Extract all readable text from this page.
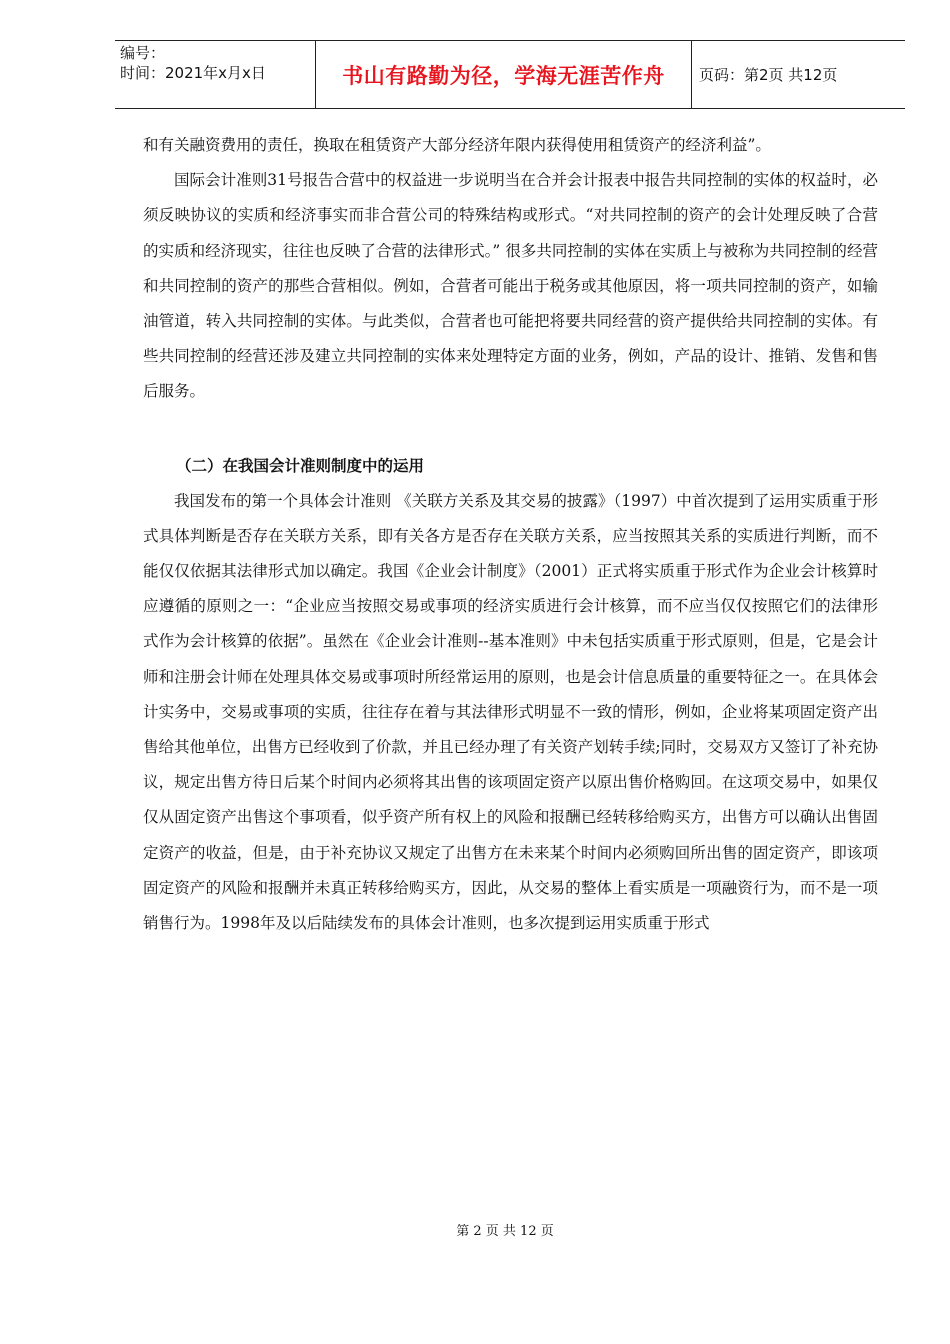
编号：
时间：2021年x月x日	书山有路勤为径，学海无涯苦作舟 页码：第2页 共12页

和有关融资费用的责任，换取在租赁资产大部分经济年限内获得使用租赁资产的经济利益”。

国际会计准则31号报告合营中的权益进一步说明当在合并会计报表中报告共同控制的实体的权益时，必须反映协议的实质和经济事实而非合营公司的特殊结构或形式。“对共同控制的资产的会计处理反映了合营的实质和经济现实，往往也反映了合营的法律形式。” 很多共同控制的实体在实质上与被称为共同控制的经营和共同控制的资产的那些合营相似。例如，合营者可能出于税务或其他原因，将一项共同控制的资产，如输油管道，转入共同控制的实体。与此类似，合营者也可能把将要共同经营的资产提供给共同控制的实体。有些共同控制的经营还涉及建立共同控制的实体来处理特定方面的业务，例如，产品的设计、推销、发售和售后服务。

（二）在我国会计准则制度中的运用

我国发布的第一个具体会计准则 《关联方关系及其交易的披露》（1997）中首次提到了运用实质重于形式具体判断是否存在关联方关系，即有关各方是否存在关联方关系，应当按照其关系的实质进行判断，而不能仅仅依据其法律形式加以确定。我国《企业会计制度》（2001）正式将实质重于形式作为企业会计核算时应遵循的原则之一：“企业应当按照交易或事项的经济实质进行会计核算，而不应当仅仅按照它们的法律形式作为会计核算的依据”。虽然在《企业会计准则--基本准则》中未包括实质重于形式原则，但是，它是会计师和注册会计师在处理具体交易或事项时所经常运用的原则，也是会计信息质量的重要特征之一。在具体会计实务中，交易或事项的实质，往往存在着与其法律形式明显不一致的情形，例如，企业将某项固定资产出售给其他单位，出售方已经收到了价款，并且已经办理了有关资产划转手续;同时，交易双方又签订了补充协议，规定出售方待日后某个时间内必须将其出售的该项固定资产以原出售价格购回。在这项交易中，如果仅仅从固定资产出售这个事项看，似乎资产所有权上的风险和报酬已经转移给购买方，出售方可以确认出售固定资产的收益，但是，由于补充协议又规定了出售方在未来某个时间内必须购回所出售的固定资产，即该项固定资产的风险和报酬并未真正转移给购买方，因此，从交易的整体上看实质是一项融资行为，而不是一项销售行为。1998年及以后陆续发布的具体会计准则，也多次提到运用实质重于形式

第 2 页 共 12 页
